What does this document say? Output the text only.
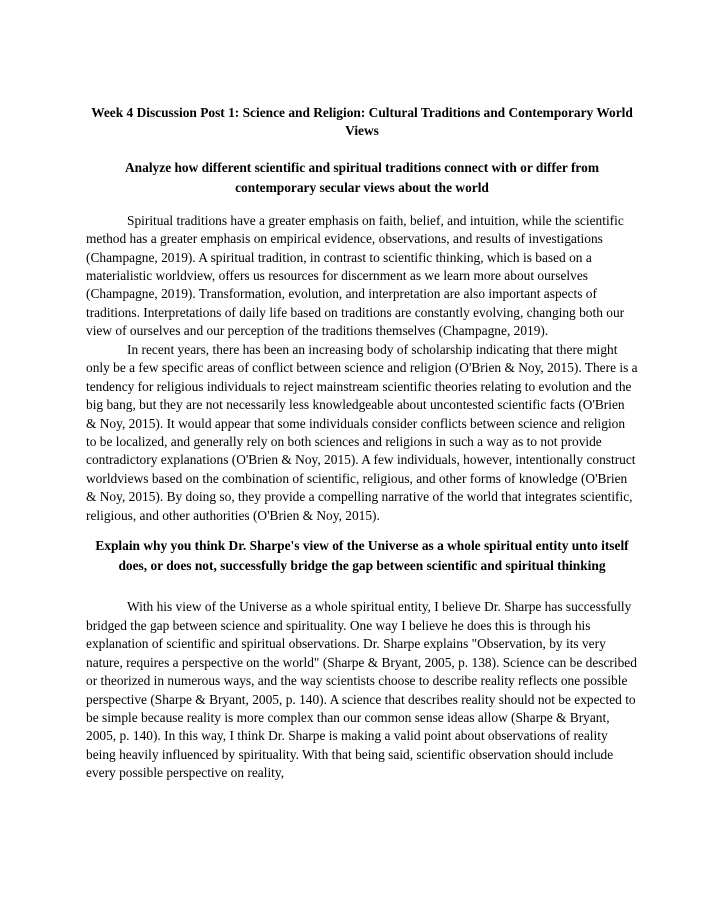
Week 4 Discussion Post 1: Science and Religion: Cultural Traditions and Contemporary World Views
Analyze how different scientific and spiritual traditions connect with or differ from contemporary secular views about the world

Spiritual traditions have a greater emphasis on faith, belief, and intuition, while the scientific method has a greater emphasis on empirical evidence, observations, and results of investigations (Champagne, 2019). A spiritual tradition, in contrast to scientific thinking, which is based on a materialistic worldview, offers us resources for discernment as we learn more about ourselves (Champagne, 2019). Transformation, evolution, and interpretation are also important aspects of traditions. Interpretations of daily life based on traditions are constantly evolving, changing both our view of ourselves and our perception of the traditions themselves (Champagne, 2019).

In recent years, there has been an increasing body of scholarship indicating that there might only be a few specific areas of conflict between science and religion (O'Brien & Noy, 2015). There is a tendency for religious individuals to reject mainstream scientific theories relating to evolution and the big bang, but they are not necessarily less knowledgeable about uncontested scientific facts (O'Brien & Noy, 2015). It would appear that some individuals consider conflicts between science and religion to be localized, and generally rely on both sciences and religions in such a way as to not provide contradictory explanations (O'Brien & Noy, 2015). A few individuals, however, intentionally construct worldviews based on the combination of scientific, religious, and other forms of knowledge (O'Brien & Noy, 2015). By doing so, they provide a compelling narrative of the world that integrates scientific, religious, and other authorities (O'Brien & Noy, 2015).

Explain why you think Dr. Sharpe's view of the Universe as a whole spiritual entity unto itself does, or does not, successfully bridge the gap between scientific and spiritual thinking

With his view of the Universe as a whole spiritual entity, I believe Dr. Sharpe has successfully bridged the gap between science and spirituality. One way I believe he does this is through his explanation of scientific and spiritual observations. Dr. Sharpe explains "Observation, by its very nature, requires a perspective on the world" (Sharpe & Bryant, 2005, p. 138). Science can be described or theorized in numerous ways, and the way scientists choose to describe reality reflects one possible perspective (Sharpe & Bryant, 2005, p. 140). A science that describes reality should not be expected to be simple because reality is more complex than our common sense ideas allow (Sharpe & Bryant, 2005, p. 140). In this way, I think Dr. Sharpe is making a valid point about observations of reality being heavily influenced by spirituality. With that being said, scientific observation should include every possible perspective on reality,
